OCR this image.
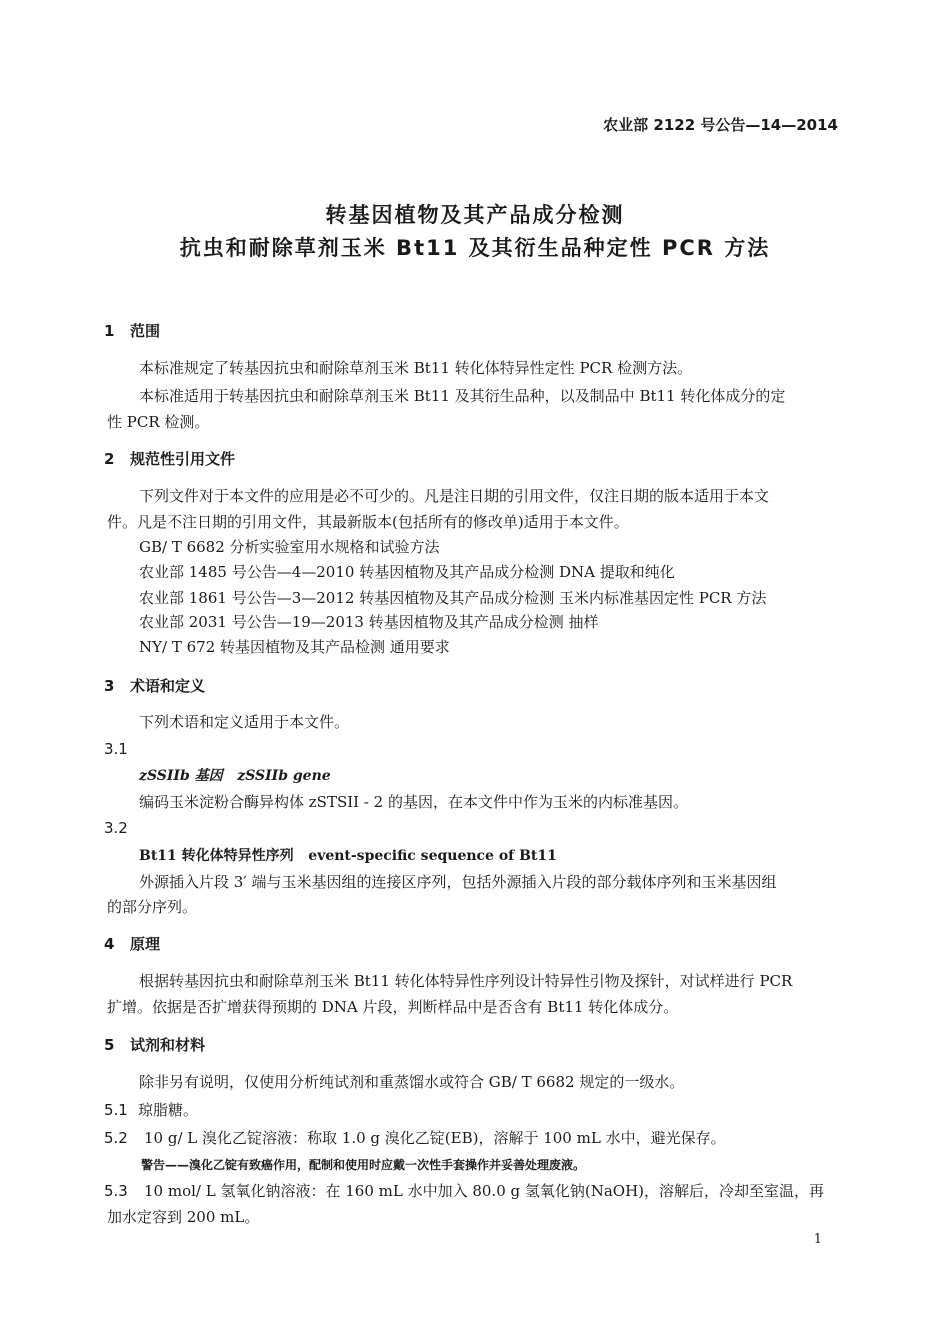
农业部 2122 号公告—14—2014
转基因植物及其产品成分检测
抗虫和耐除草剂玉米 Bt11 及其衍生品种定性 PCR 方法
1 范围
本标准规定了转基因抗虫和耐除草剂玉米 Bt11 转化体特异性定性 PCR 检测方法。
本标准适用于转基因抗虫和耐除草剂玉米 Bt11 及其衍生品种，以及制品中 Bt11 转化体成分的定
性 PCR 检测。
2 规范性引用文件
下列文件对于本文件的应用是必不可少的。凡是注日期的引用文件，仅注日期的版本适用于本文
件。凡是不注日期的引用文件，其最新版本(包括所有的修改单)适用于本文件。
GB/ T 6682 分析实验室用水规格和试验方法
农业部 1485 号公告—4—2010 转基因植物及其产品成分检测 DNA 提取和纯化
农业部 1861 号公告—3—2012 转基因植物及其产品成分检测 玉米内标准基因定性 PCR 方法
农业部 2031 号公告—19—2013 转基因植物及其产品成分检测 抽样
NY/ T 672 转基因植物及其产品检测 通用要求
3 术语和定义
下列术语和定义适用于本文件。
3.1
zSSIIb 基因 zSSIIb gene
编码玉米淀粉合酶异构体 zSTSII - 2 的基因，在本文件中作为玉米的内标准基因。
3.2
Bt11 转化体特异性序列 event-specific sequence of Bt11
外源插入片段 3′ 端与玉米基因组的连接区序列，包括外源插入片段的部分载体序列和玉米基因组
的部分序列。
4 原理
根据转基因抗虫和耐除草剂玉米 Bt11 转化体特异性序列设计特异性引物及探针，对试样进行 PCR
扩增。依据是否扩增获得预期的 DNA 片段，判断样品中是否含有 Bt11 转化体成分。
5 试剂和材料
除非另有说明，仅使用分析纯试剂和重蒸馏水或符合 GB/ T 6682 规定的一级水。
5.1 琼脂糖。
5.2 10 g/ L 溴化乙锭溶液：称取 1.0 g 溴化乙锭(EB)，溶解于 100 mL 水中，避光保存。
警告——溴化乙锭有致癌作用，配制和使用时应戴一次性手套操作并妥善处理废液。
5.3 10 mol/ L 氢氧化钠溶液：在 160 mL 水中加入 80.0 g 氢氧化钠(NaOH)，溶解后，冷却至室温，再
加水定容到 200 mL。
1
